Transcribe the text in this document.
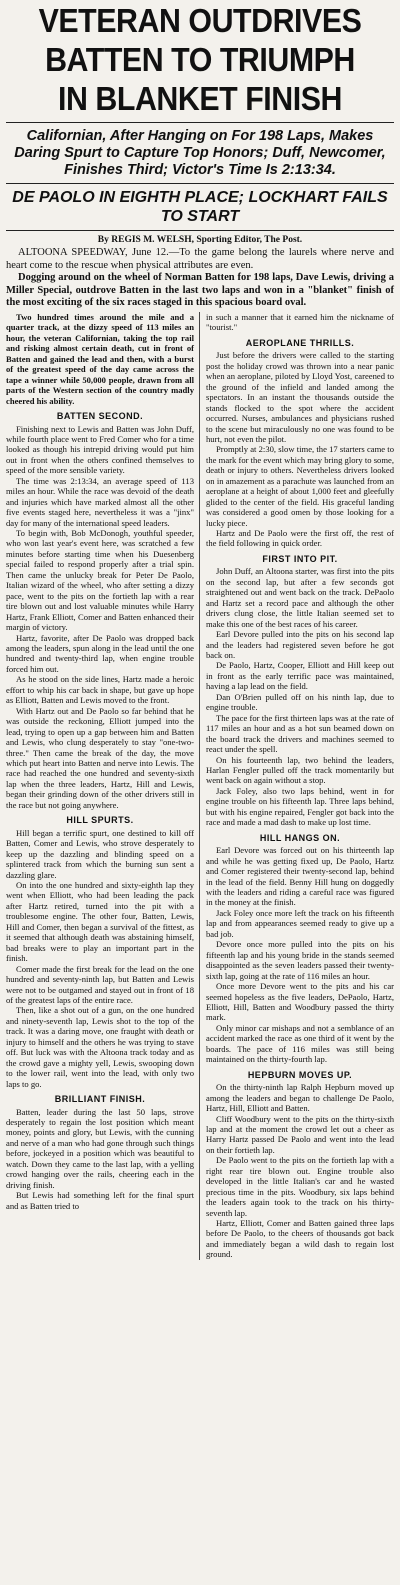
VETERAN OUTDRIVES
BATTEN TO TRIUMPH
IN BLANKET FINISH
Californian, After Hanging on For 198 Laps, Makes Daring Spurt to Capture Top Honors; Duff, Newcomer, Finishes Third; Victor's Time Is 2:13:34.
DE PAOLO IN EIGHTH PLACE; LOCKHART FAILS TO START
By REGIS M. WELSH, Sporting Editor, The Post.

ALTOONA SPEEDWAY, June 12.—To the game belong the laurels where nerve and heart come to the rescue when physical attributes are even.

Dogging around on the wheel of Norman Batten for 198 laps, Dave Lewis, driving a Miller Special, outdrove Batten in the last two laps and won in a "blanket" finish of the most exciting of the six races staged in this spacious board oval.

Two hundred times around the mile and a quarter track, at the dizzy speed of 113 miles an hour, the veteran Californian, taking the top rail and risking almost certain death, cut in front of Batten and gained the lead and then, with a burst of the greatest speed of the day came across the tape a winner while 50,000 people, drawn from all parts of the Western section of the country madly cheered his ability.

BATTEN SECOND.

Finishing next to Lewis and Batten was John Duff, while fourth place went to Fred Comer who for a time looked as though his intrepid driving would put him out in front when the others confined themselves to speed of the more sensible variety.

The time was 2:13:34, an average speed of 113 miles an hour. While the race was devoid of the death and injuries which have marked almost all the other five events staged here, nevertheless it was a "jinx" day for many of the international speed leaders.

To begin with, Bob McDonogh, youthful speeder, who won last year's event here, was scratched a few minutes before starting time when his Duesenberg special failed to respond properly after a trial spin. Then came the unlucky break for Peter De Paolo, Italian wizard of the wheel, who after setting a dizzy pace, went to the pits on the fortieth lap with a rear tire blown out and lost valuable minutes while Harry Hartz, Frank Elliott, Comer and Batten enhanced their margin of victory.

Hartz, favorite, after De Paolo was dropped back among the leaders, spun along in the lead until the one hundred and twenty-third lap, when engine trouble forced him out.

As he stood on the side lines, Hartz made a heroic effort to whip his car back in shape, but gave up hope as Elliott, Batten and Lewis moved to the front.

With Hartz out and De Paolo so far behind that he was outside the reckoning, Elliott jumped into the lead, trying to open up a gap between him and Batten and Lewis, who clung desperately to stay "one-two-three." Then came the break of the day, the move which put heart into Batten and nerve into Lewis. The race had reached the one hundred and seventy-sixth lap when the three leaders, Hartz, Hill and Lewis, began their grinding down of the other drivers still in the race but not going anywhere.

HILL SPURTS.

Hill began a terrific spurt, one destined to kill off Batten, Comer and Lewis, who strove desperately to keep up the dazzling and blinding speed on a splintered track from which the burning sun sent a dazzling glare.

On into the one hundred and sixty-eighth lap they went when Elliott, who had been leading the pack after Hartz retired, turned into the pit with a troublesome engine. The other four, Batten, Lewis, Hill and Comer, then began a survival of the fittest, as it seemed that although death was abstaining himself, bad breaks were to play an important part in the finish.

Comer made the first break for the lead on the one hundred and seventy-ninth lap, but Batten and Lewis were not to be outgamed and stayed out in front of 18 of the greatest laps of the entire race.

Then, like a shot out of a gun, on the one hundred and ninety-seventh lap, Lewis shot to the top of the track. It was a daring move, one fraught with death or injury to himself and the others he was trying to stave off. But luck was with the Altoona track today and as the crowd gave a mighty yell, Lewis, swooping down to the lower rail, went into the lead, with only two laps to go.

BRILLIANT FINISH.

Batten, leader during the last 50 laps, strove desperately to regain the lost position which meant money, points and glory, but Lewis, with the cunning and nerve of a man who had gone through such things before, jockeyed in a position which was beautiful to watch. Down they came to the last lap, with a yelling crowd hanging over the rails, cheering each in the driving finish.

But Lewis had something left for the final spurt and as Batten tried to

in such a manner that it earned him the nickname of "tourist."

AEROPLANE THRILLS.

Just before the drivers were called to the starting post the holiday crowd was thrown into a near panic when an aeroplane, piloted by Lloyd Yost, careened to the ground of the infield and landed among the spectators. In an instant the thousands outside the stands flocked to the spot where the accident occurred. Nurses, ambulances and physicians rushed to the scene but miraculously no one was found to be hurt, not even the pilot.

Promptly at 2:30, slow time, the 17 starters came to the mark for the event which may bring glory to some, death or injury to others. Nevertheless drivers looked on in amazement as a parachute was launched from an aeroplane at a height of about 1,000 feet and gleefully glided to the center of the field. His graceful landing was considered a good omen by those looking for a lucky piece.

Hartz and De Paolo were the first off, the rest of the field following in quick order.

FIRST INTO PIT.

John Duff, an Altoona starter, was first into the pits on the second lap, but after a few seconds got straightened out and went back on the track. DePaolo and Hartz set a record pace and although the other drivers clung close, the little Italian seemed set to make this one of the best races of his career.

Earl Devore pulled into the pits on his second lap and the leaders had registered seven before he got back on.

De Paolo, Hartz, Cooper, Elliott and Hill keep out in front as the early terrific pace was maintained, having a lap lead on the field.

Dan O'Brien pulled off on his ninth lap, due to engine trouble.

The pace for the first thirteen laps was at the rate of 117 miles an hour and as a hot sun beamed down on the board track the drivers and machines seemed to react under the spell.

On his fourteenth lap, two behind the leaders, Harlan Fengler pulled off the track momentarily but went back on again without a stop.

Jack Foley, also two laps behind, went in for engine trouble on his fifteenth lap. Three laps behind, but with his engine repaired, Fengler got back into the race and made a mad dash to make up lost time.

HILL HANGS ON.

Earl Devore was forced out on his thirteenth lap and while he was getting fixed up, De Paolo, Hartz and Comer registered their twenty-second lap, behind in the lead of the field. Benny Hill hung on doggedly with the leaders and riding a careful race was figured in the money at the finish.

Jack Foley once more left the track on his fifteenth lap and from appearances seemed ready to give up a bad job.

Devore once more pulled into the pits on his fifteenth lap and his young bride in the stands seemed disappointed as the seven leaders passed their twenty-sixth lap, going at the rate of 116 miles an hour.

Once more Devore went to the pits and his car seemed hopeless as the five leaders, DePaolo, Hartz, Elliott, Hill, Batten and Woodbury passed the thirty mark.

Only minor car mishaps and not a semblance of an accident marked the race as one third of it went by the boards. The pace of 116 miles was still being maintained on the thirty-fourth lap.

HEPBURN MOVES UP.

On the thirty-ninth lap Ralph Hepburn moved up among the leaders and began to challenge De Paolo, Hartz, Hill, Elliott and Batten.

Cliff Woodbury went to the pits on the thirty-sixth lap and at the moment the crowd let out a cheer as Harry Hartz passed De Paolo and went into the lead on their fortieth lap.

De Paolo went to the pits on the fortieth lap with a right rear tire blown out. Engine trouble also developed in the little Italian's car and he wasted precious time in the pits. Woodbury, six laps behind the leaders again took to the track on his thirty-seventh lap.

Hartz, Elliott, Comer and Batten gained three laps before De Paolo, to the cheers of thousands got back and immediately began a wild dash to regain lost ground.
